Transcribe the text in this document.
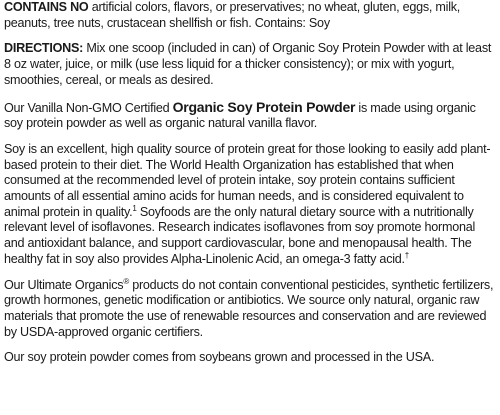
CONTAINS NO artificial colors, flavors, or preservatives; no wheat, gluten, eggs, milk, peanuts, tree nuts, crustacean shellfish or fish. Contains: Soy

DIRECTIONS: Mix one scoop (included in can) of Organic Soy Protein Powder with at least 8 oz water, juice, or milk (use less liquid for a thicker consistency); or mix with yogurt, smoothies, cereal, or meals as desired.

Our Vanilla Non-GMO Certified Organic Soy Protein Powder is made using organic soy protein powder as well as organic natural vanilla flavor.

Soy is an excellent, high quality source of protein great for those looking to easily add plant-based protein to their diet. The World Health Organization has established that when consumed at the recommended level of protein intake, soy protein contains sufficient amounts of all essential amino acids for human needs, and is considered equivalent to animal protein in quality.$^1$ Soyfoods are the only natural dietary source with a nutritionally relevant level of isoflavones. Research indicates isoflavones from soy promote hormonal and antioxidant balance, and support cardiovascular, bone and menopausal health. The healthy fat in soy also provides Alpha-Linolenic Acid, an omega-3 fatty acid.†

Our Ultimate Organics® products do not contain conventional pesticides, synthetic fertilizers, growth hormones, genetic modification or antibiotics. We source only natural, organic raw materials that promote the use of renewable resources and conservation and are reviewed by USDA-approved organic certifiers.

Our soy protein powder comes from soybeans grown and processed in the USA.
